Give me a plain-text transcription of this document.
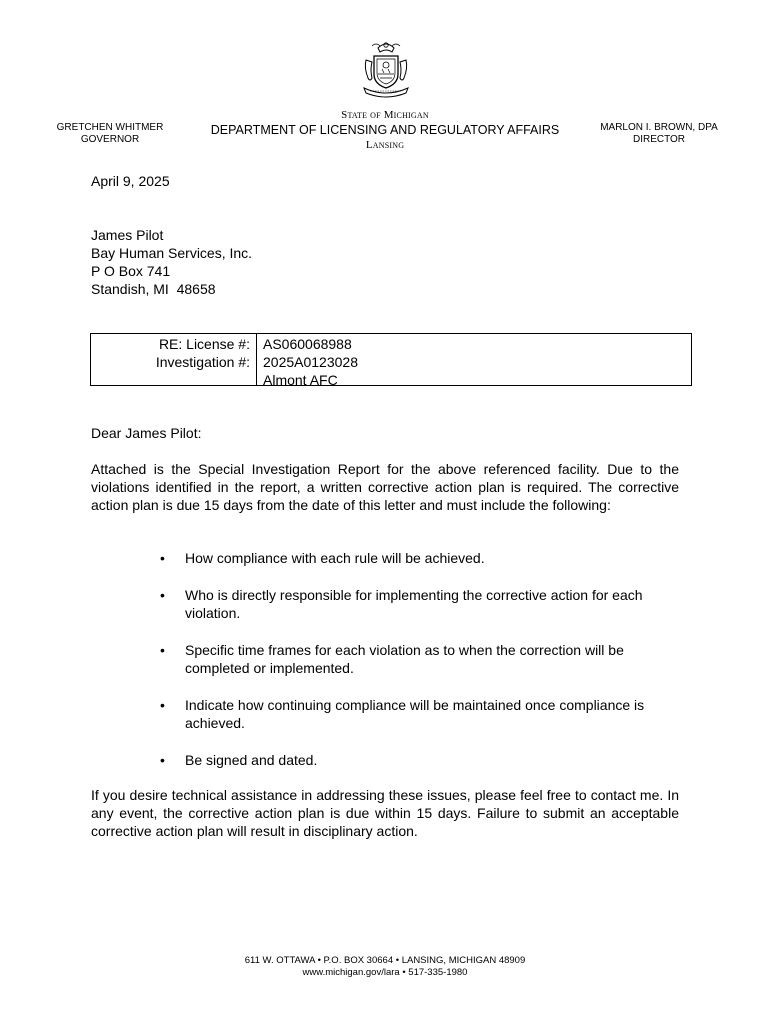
GRETCHEN WHITMER
GOVERNOR
State of Michigan
DEPARTMENT OF LICENSING AND REGULATORY AFFAIRS
Lansing
MARLON I. BROWN, DPA
DIRECTOR
April 9, 2025
James Pilot
Bay Human Services, Inc.
P O Box 741
Standish, MI  48658
RE: License #:
Investigation #:
AS060068988
2025A0123028
Almont AFC
Dear James Pilot:

Attached is the Special Investigation Report for the above referenced facility. Due to the violations identified in the report, a written corrective action plan is required. The corrective action plan is due 15 days from the date of this letter and must include the following:

• How compliance with each rule will be achieved.
• Who is directly responsible for implementing the corrective action for each violation.
• Specific time frames for each violation as to when the correction will be completed or implemented.
• Indicate how continuing compliance will be maintained once compliance is achieved.
• Be signed and dated.

If you desire technical assistance in addressing these issues, please feel free to contact me. In any event, the corrective action plan is due within 15 days. Failure to submit an acceptable corrective action plan will result in disciplinary action.

611 W. OTTAWA • P.O. BOX 30664 • LANSING, MICHIGAN 48909
www.michigan.gov/lara • 517-335-1980
